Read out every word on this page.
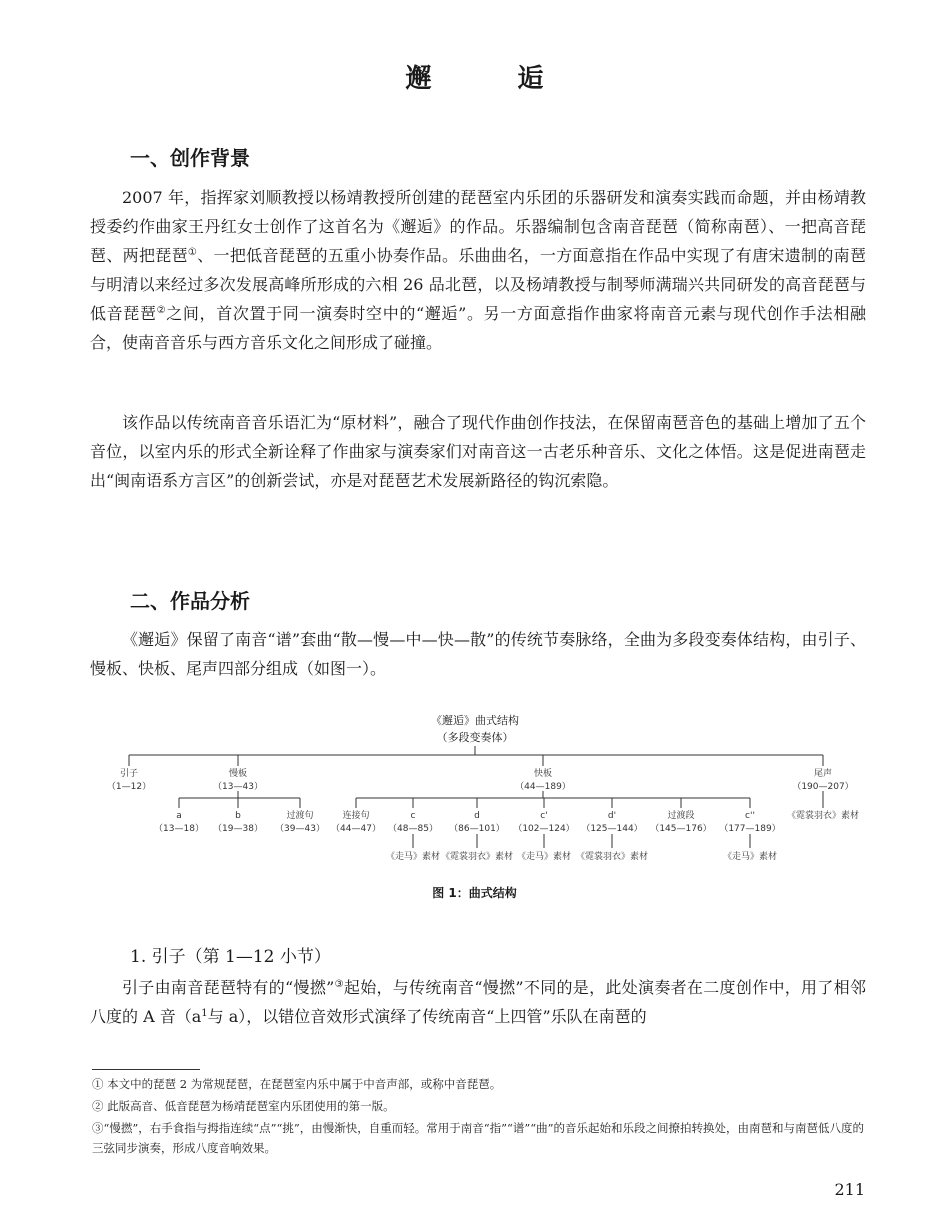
邂　逅
一、创作背景

2007 年，指挥家刘顺教授以杨靖教授所创建的琵琶室内乐团的乐器研发和演奏实践而命题，并由杨靖教授委约作曲家王丹红女士创作了这首名为《邂逅》的作品。乐器编制包含南音琵琶（简称南琶）、一把高音琵琶、两把琵琶①、一把低音琵琶的五重小协奏作品。乐曲曲名，一方面意指在作品中实现了有唐宋遗制的南琶与明清以来经过多次发展高峰所形成的六相 26 品北琶，以及杨靖教授与制琴师满瑞兴共同研发的高音琵琶与低音琵琶②之间，首次置于同一演奏时空中的“邂逅”。另一方面意指作曲家将南音元素与现代创作手法相融合，使南音音乐与西方音乐文化之间形成了碰撞。

该作品以传统南音音乐语汇为“原材料”，融合了现代作曲创作技法，在保留南琶音色的基础上增加了五个音位，以室内乐的形式全新诠释了作曲家与演奏家们对南音这一古老乐种音乐、文化之体悟。这是促进南琶走出“闽南语系方言区”的创新尝试，亦是对琵琶艺术发展新路径的钩沉索隐。

二、作品分析

《邂逅》保留了南音“谱”套曲“散—慢—中—快—散”的传统节奏脉络，全曲为多段变奏体结构，由引子、慢板、快板、尾声四部分组成（如图一）。

《邂逅》曲式结构
（多段变奏体）
引子
（1—12）
慢板
（13—43）
快板
（44—189）
尾声
（190—207）
《霓裳羽衣》素材
a
（13—18）
b
（19—38）
过渡句
（39—43）
连接句
（44—47）
c
（48—85）
《走马》素材
d
（86—101）
《霓裳羽衣》素材
c'
（102—124）
《走马》素材
d'
（125—144）
《霓裳羽衣》素材
过渡段
（145—176）
c''
（177—189）
《走马》素材
图 1：曲式结构
1. 引子（第 1—12 小节）

引子由南音琵琶特有的“慢撚”③起始，与传统南音“慢撚”不同的是，此处演奏者在二度创作中，用了相邻八度的 A 音（$a^1$与 a），以错位音效形式演绎了传统南音“上四管”乐队在南琶的

① 本文中的琵琶 2 为常规琵琶，在琵琶室内乐中属于中音声部，或称中音琵琶。

② 此版高音、低音琵琶为杨靖琵琶室内乐团使用的第一版。

③“慢撚”，右手食指与拇指连续“点”“挑”，由慢渐快，自重而轻。常用于南音“指”“谱”“曲”的音乐起始和乐段之间撩拍转换处，由南琶和与南琶低八度的三弦同步演奏，形成八度音响效果。

211
